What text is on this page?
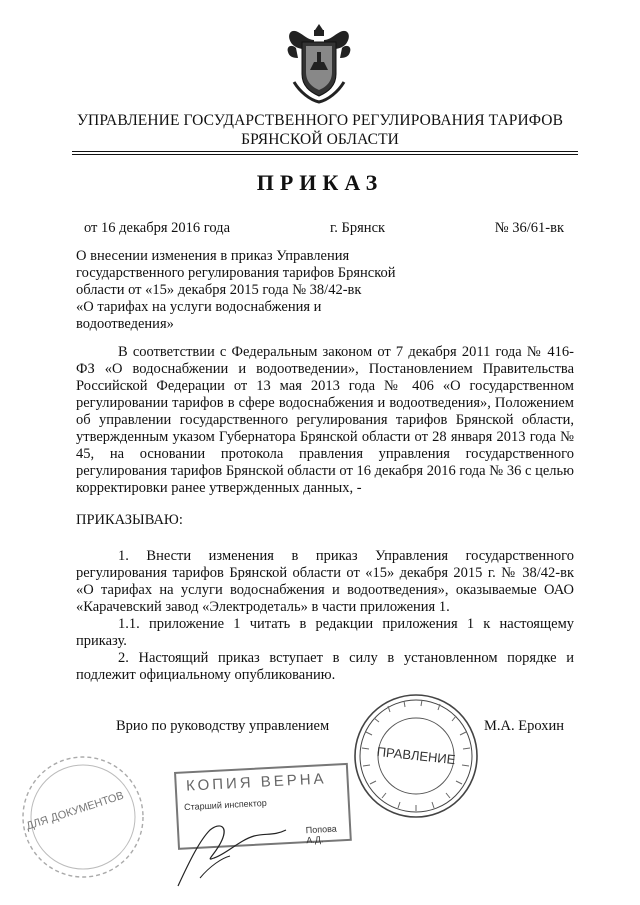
УПРАВЛЕНИЕ ГОСУДАРСТВЕННОГО РЕГУЛИРОВАНИЯ ТАРИФОВ
БРЯНСКОЙ ОБЛАСТИ
ПРИКАЗ
от 16 декабря 2016 года	г. Брянск	№ 36/61-вк
О внесении изменения в приказ Управления
государственного регулирования тарифов Брянской
области от «15» декабря 2015 года № 38/42-вк
«О тарифах на услуги водоснабжения и
водоотведения»
В соответствии с Федеральным законом от 7 декабря 2011 года № 416-ФЗ «О водоснабжении и водоотведении», Постановлением Правительства Российской Федерации от 13 мая 2013 года № 406 «О государственном регулировании тарифов в сфере водоснабжения и водоотведения», Положением об управлении государственного регулирования тарифов Брянской области, утвержденным указом Губернатора Брянской области от 28 января 2013 года № 45, на основании протокола правления управления государственного регулирования тарифов Брянской области от 16 декабря 2016 года № 36 с целью корректировки ранее утвержденных данных, -
ПРИКАЗЫВАЮ:
1. Внести изменения в приказ Управления государственного регулирования тарифов Брянской области от «15» декабря 2015 г. № 38/42-вк «О тарифах на услуги водоснабжения и водоотведения», оказываемые ОАО «Карачевский завод «Электродеталь» в части приложения 1.
1.1. приложение 1 читать в редакции приложения 1 к настоящему приказу.
2. Настоящий приказ вступает в силу в установленном порядке и подлежит официальному опубликованию.
Врио по руководству управлением	М.А. Ерохин
ПРАВЛЕНИЕ
ДЛЯ ДОКУМЕНТОВ
КОПИЯ ВЕРНА
Старший инспектор
Попова А.Д.
